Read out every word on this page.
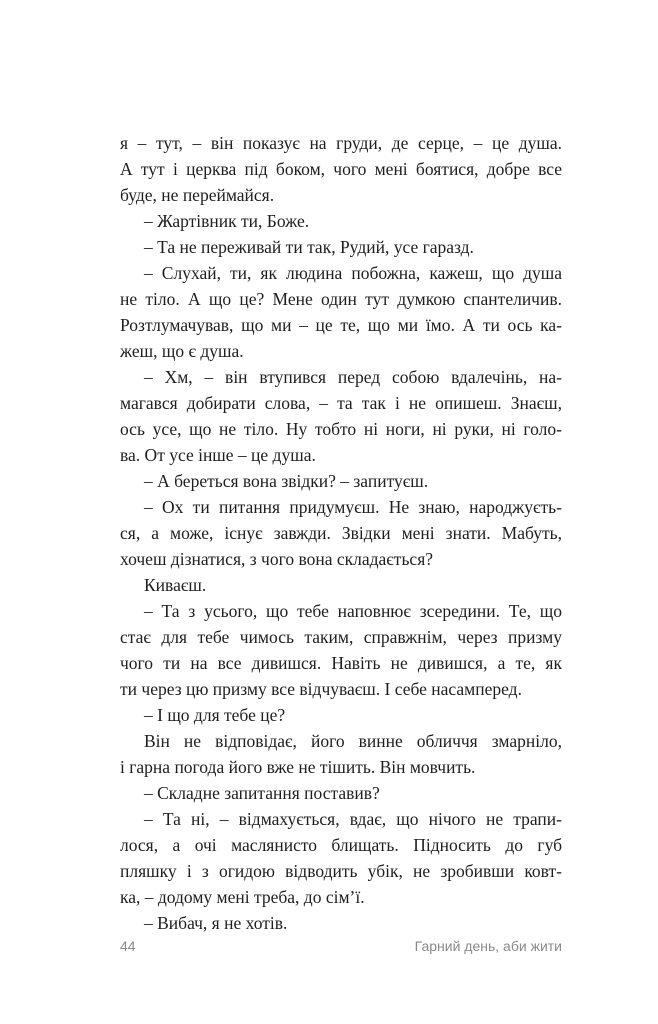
я – тут, – він показує на груди, де серце, – це душа.
А тут і церква під боком, чого мені боятися, добре все
буде, не переймайся.
– Жартівник ти, Боже.
– Та не переживай ти так, Рудий, усе гаразд.
– Слухай, ти, як людина побожна, кажеш, що душа
не тіло. А що це? Мене один тут думкою спантеличив.
Розтлумачував, що ми – це те, що ми їмо. А ти ось ка-
жеш, що є душа.
– Хм, – він втупився перед собою вдалечінь, на-
магався добирати слова, – та так і не опишеш. Знаєш,
ось усе, що не тіло. Ну тобто ні ноги, ні руки, ні голо-
ва. От усе інше – це душа.
– А береться вона звідки? – запитуєш.
– Ох ти питання придумуєш. Не знаю, народжуєть-
ся, а може, існує завжди. Звідки мені знати. Мабуть,
хочеш дізнатися, з чого вона складається?
Киваєш.
– Та з усього, що тебе наповнює зсередини. Те, що
стає для тебе чимось таким, справжнім, через призму
чого ти на все дивишся. Навіть не дивишся, а те, як
ти через цю призму все відчуваєш. І себе насамперед.
– І що для тебе це?
Він не відповідає, його винне обличчя змарніло,
і гарна погода його вже не тішить. Він мовчить.
– Складне запитання поставив?
– Та ні, – відмахується, вдає, що нічого не трапи-
лося, а очі маслянисто блищать. Підносить до губ
пляшку і з огидою відводить убік, не зробивши ковт-
ка, – додому мені треба, до сім’ї.
– Вибач, я не хотів.
44	Гарний день, аби жити
